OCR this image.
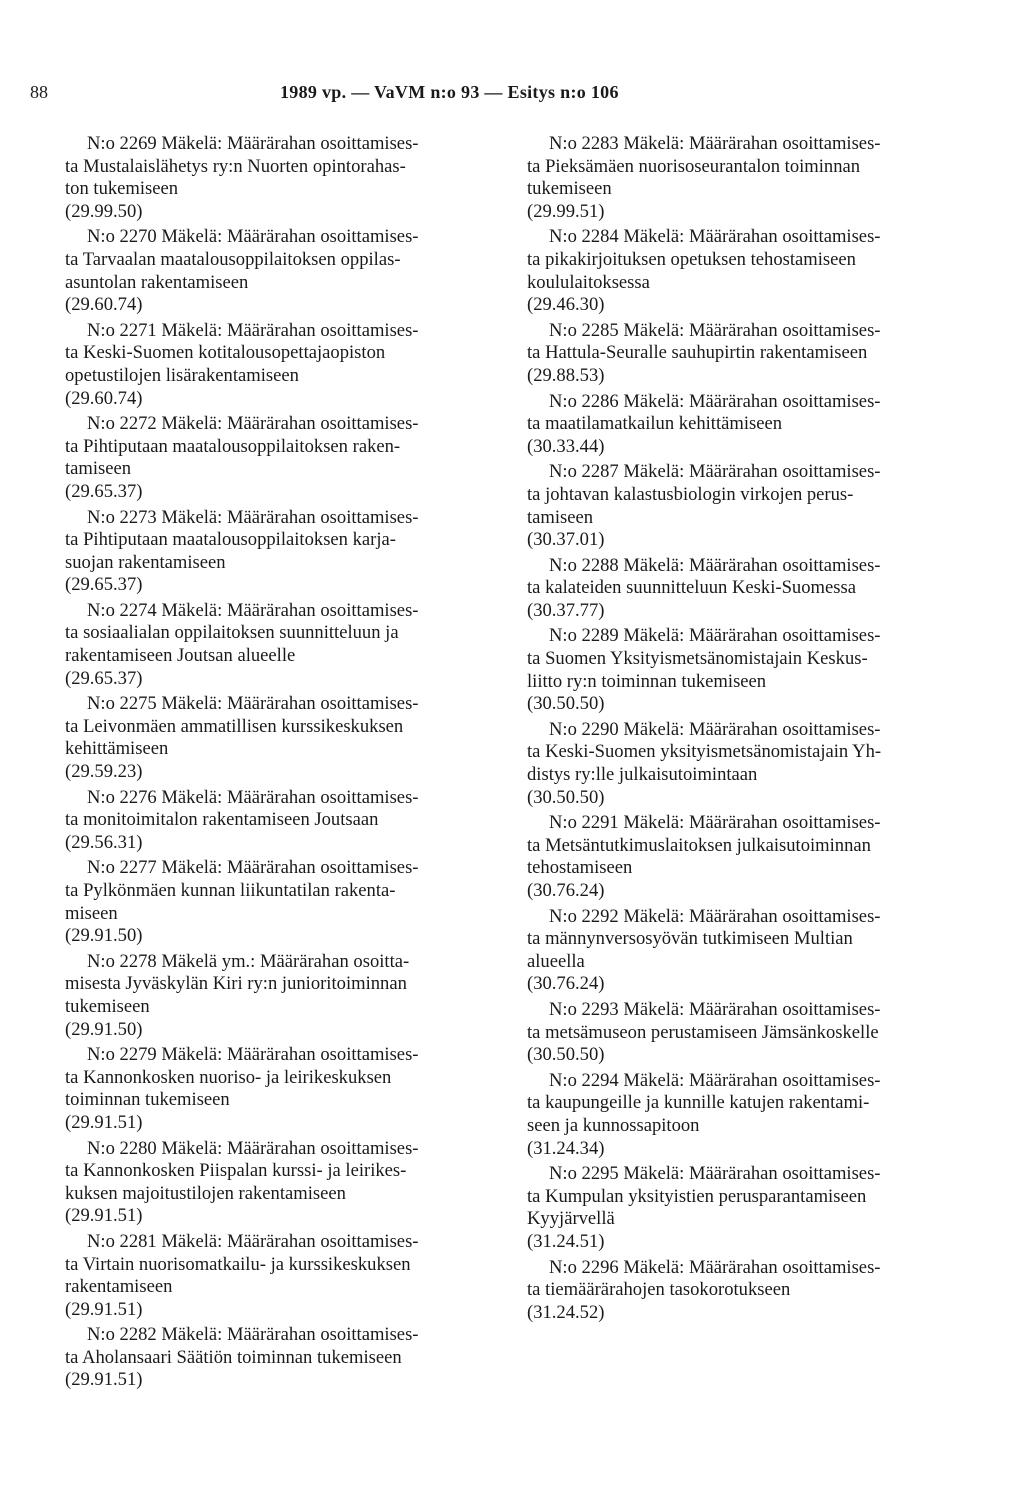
88	1989 vp. — VaVM n:o 93 — Esitys n:o 106
N:o 2269 Mäkelä: Määrärahan osoittamises-
ta Mustalaislähetys ry:n Nuorten opintorahas-
ton tukemiseen
(29.99.50)
N:o 2270 Mäkelä: Määrärahan osoittamises-
ta Tarvaalan maatalousoppilaitoksen oppilas-
asuntolan rakentamiseen
(29.60.74)
N:o 2271 Mäkelä: Määrärahan osoittamises-
ta Keski-Suomen kotitalousopettajaopiston
opetustilojen lisärakentamiseen
(29.60.74)
N:o 2272 Mäkelä: Määrärahan osoittamises-
ta Pihtiputaan maatalousoppilaitoksen raken-
tamiseen
(29.65.37)
N:o 2273 Mäkelä: Määrärahan osoittamises-
ta Pihtiputaan maatalousoppilaitoksen karja-
suojan rakentamiseen
(29.65.37)
N:o 2274 Mäkelä: Määrärahan osoittamises-
ta sosiaalialan oppilaitoksen suunnitteluun ja
rakentamiseen Joutsan alueelle
(29.65.37)
N:o 2275 Mäkelä: Määrärahan osoittamises-
ta Leivonmäen ammatillisen kurssikeskuksen
kehittämiseen
(29.59.23)
N:o 2276 Mäkelä: Määrärahan osoittamises-
ta monitoimitalon rakentamiseen Joutsaan
(29.56.31)
N:o 2277 Mäkelä: Määrärahan osoittamises-
ta Pylkönmäen kunnan liikuntatilan rakenta-
miseen
(29.91.50)
N:o 2278 Mäkelä ym.: Määrärahan osoitta-
misesta Jyväskylän Kiri ry:n junioritoiminnan
tukemiseen
(29.91.50)
N:o 2279 Mäkelä: Määrärahan osoittamises-
ta Kannonkosken nuoriso- ja leirikeskuksen
toiminnan tukemiseen
(29.91.51)
N:o 2280 Mäkelä: Määrärahan osoittamises-
ta Kannonkosken Piispalan kurssi- ja leirikes-
kuksen majoitustilojen rakentamiseen
(29.91.51)
N:o 2281 Mäkelä: Määrärahan osoittamises-
ta Virtain nuorisomatkailu- ja kurssikeskuksen
rakentamiseen
(29.91.51)
N:o 2282 Mäkelä: Määrärahan osoittamises-
ta Aholansaari Säätiön toiminnan tukemiseen
(29.91.51)
N:o 2283 Mäkelä: Määrärahan osoittamises-
ta Pieksämäen nuorisoseurantalon toiminnan
tukemiseen
(29.99.51)
N:o 2284 Mäkelä: Määrärahan osoittamises-
ta pikakirjoituksen opetuksen tehostamiseen
koululaitoksessa
(29.46.30)
N:o 2285 Mäkelä: Määrärahan osoittamises-
ta Hattula-Seuralle sauhupirtin rakentamiseen
(29.88.53)
N:o 2286 Mäkelä: Määrärahan osoittamises-
ta maatilamatkailun kehittämiseen
(30.33.44)
N:o 2287 Mäkelä: Määrärahan osoittamises-
ta johtavan kalastusbiologin virkojen perus-
tamiseen
(30.37.01)
N:o 2288 Mäkelä: Määrärahan osoittamises-
ta kalateiden suunnitteluun Keski-Suomessa
(30.37.77)
N:o 2289 Mäkelä: Määrärahan osoittamises-
ta Suomen Yksityismetsänomistajain Keskus-
liitto ry:n toiminnan tukemiseen
(30.50.50)
N:o 2290 Mäkelä: Määrärahan osoittamises-
ta Keski-Suomen yksityismetsänomistajain Yh-
distys ry:lle julkaisutoimintaan
(30.50.50)
N:o 2291 Mäkelä: Määrärahan osoittamises-
ta Metsäntutkimuslaitoksen julkaisutoiminnan
tehostamiseen
(30.76.24)
N:o 2292 Mäkelä: Määrärahan osoittamises-
ta männynversosyövän tutkimiseen Multian
alueella
(30.76.24)
N:o 2293 Mäkelä: Määrärahan osoittamises-
ta metsämuseon perustamiseen Jämsänkoskelle
(30.50.50)
N:o 2294 Mäkelä: Määrärahan osoittamises-
ta kaupungeille ja kunnille katujen rakentami-
seen ja kunnossapitoon
(31.24.34)
N:o 2295 Mäkelä: Määrärahan osoittamises-
ta Kumpulan yksityistien perusparantamiseen
Kyyjärvellä
(31.24.51)
N:o 2296 Mäkelä: Määrärahan osoittamises-
ta tiemäärärahojen tasokorotukseen
(31.24.52)
